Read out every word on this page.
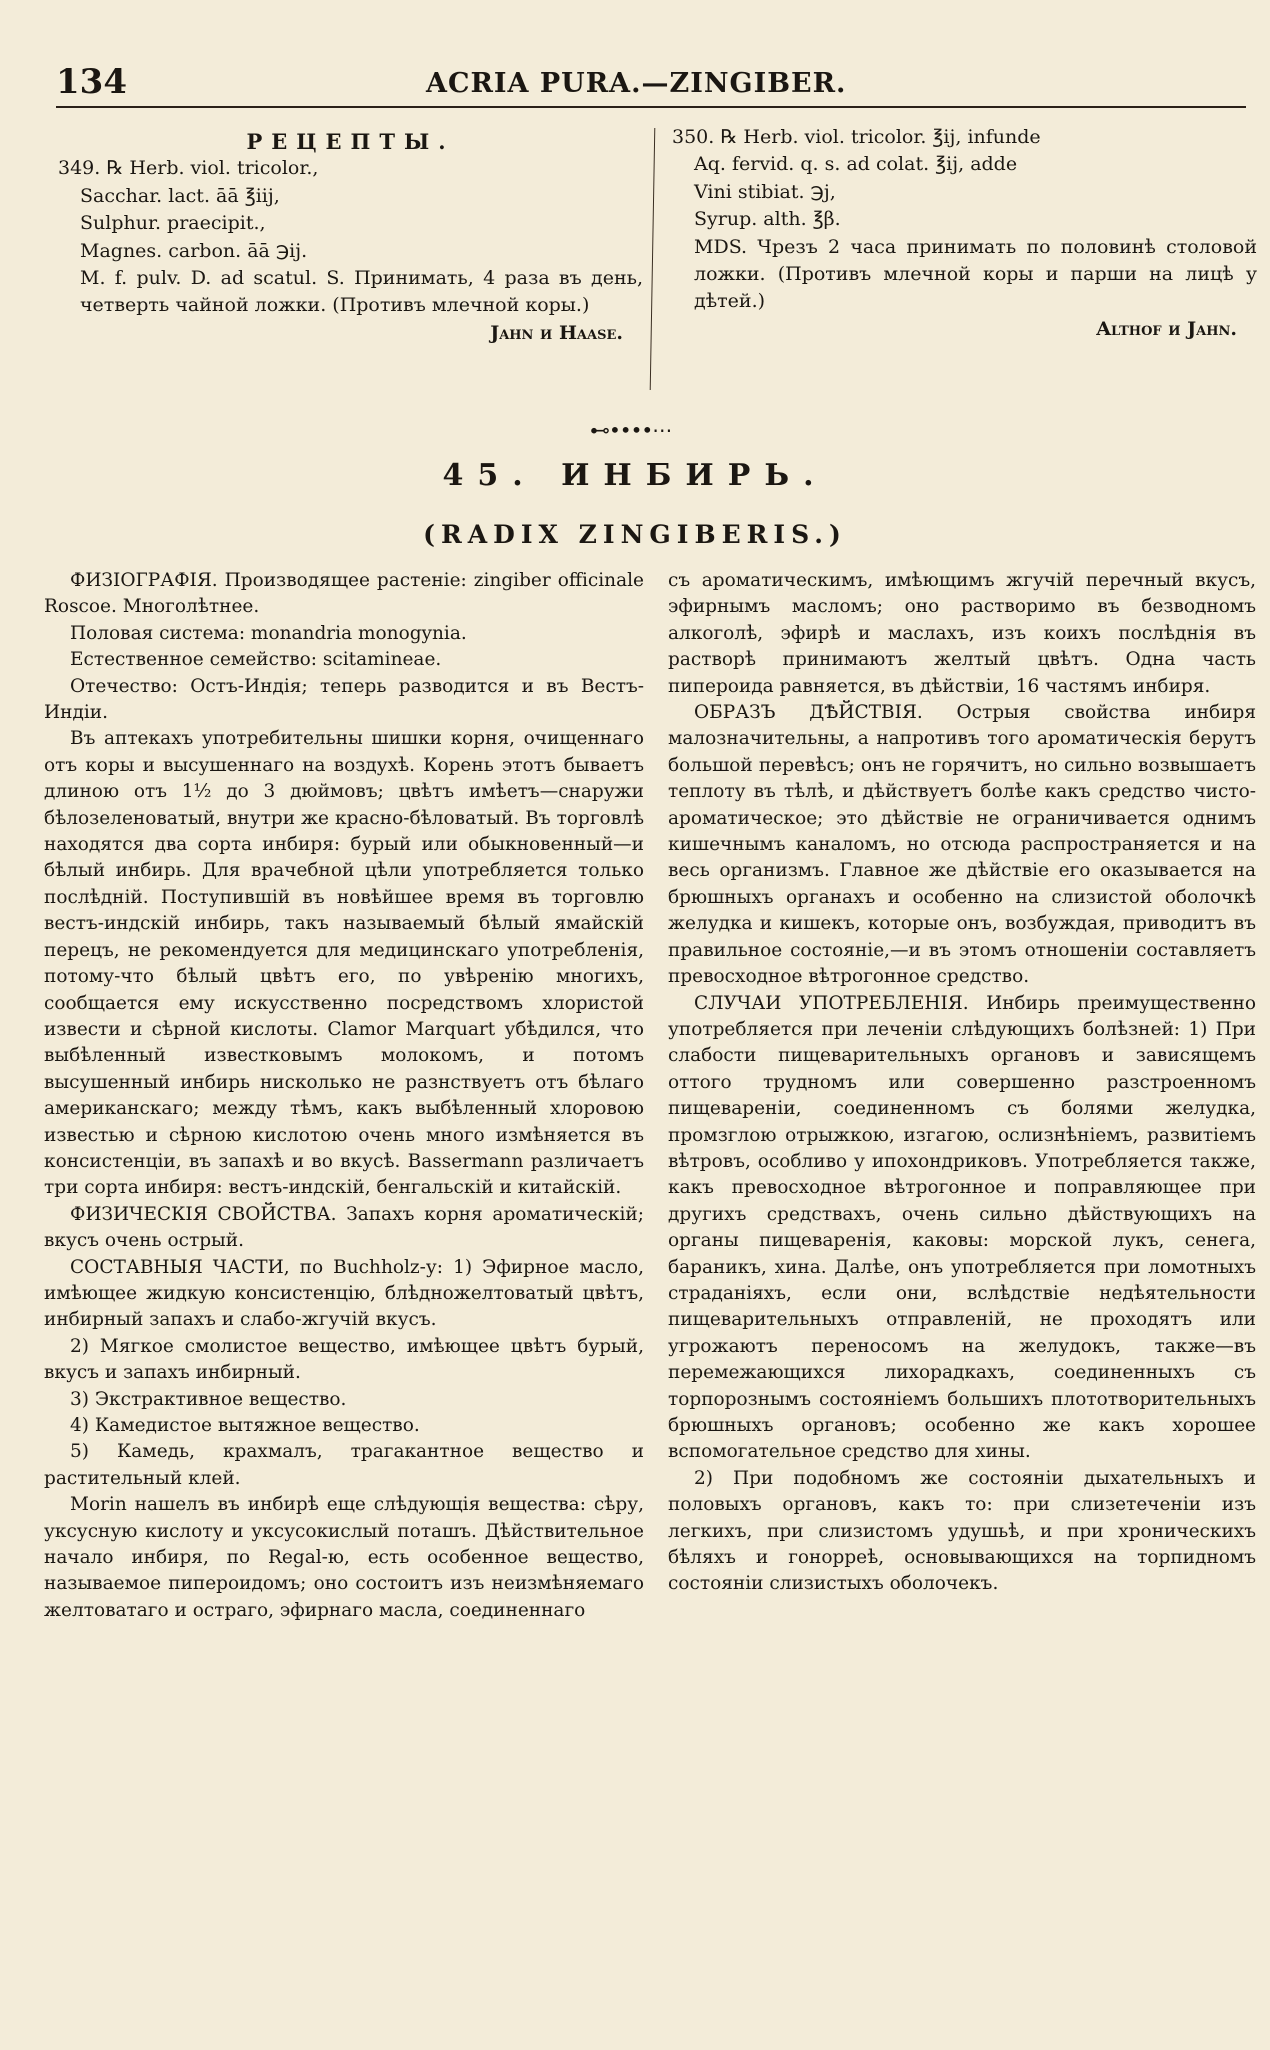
134	ACRIA PURA.—ZINGIBER.

РЕЦЕПТЫ.

349. ℞ Herb. viol. tricolor.,

Sacchar. lact. āā ℥iij,

Sulphur. praecipit.,

Magnes. carbon. āā ℈ij.

M. f. pulv. D. ad scatul. S. Принимать, 4 раза въ день, четверть чайной ложки. (Противъ млечной коры.)

Jahn и Haase.

350. ℞ Herb. viol. tricolor. ℥ij, infunde

Aq. fervid. q. s. ad colat. ℥ij, adde

Vini stibiat. ℈j,

Syrup. alth. ℥β.

MDS. Чрезъ 2 часа принимать по половинѣ столовой ложки. (Противъ млечной коры и парши на лицѣ у дѣтей.)

Althof и Jahn.

⊷••••⋯
45. ИНБИРЬ.
(RADIX ZINGIBERIS.)

ФИЗІОГРАФІЯ. Производящее растеніе: zingiber officinale Roscoe. Многолѣтнее.

Половая система: monandria monogynia.

Естественное семейство: scitamineae.

Отечество: Остъ-Индія; теперь разводится и въ Вестъ-Индіи.

Въ аптекахъ употребительны шишки корня, очищеннаго отъ коры и высушеннаго на воздухѣ. Корень этотъ бываетъ длиною отъ 1½ до 3 дюймовъ; цвѣтъ имѣетъ—снаружи бѣлозеленоватый, внутри же красно-бѣловатый. Въ торговлѣ находятся два сорта инбиря: бурый или обыкновенный—и бѣлый инбирь. Для врачебной цѣли употребляется только послѣдній. Поступившій въ новѣйшее время въ торговлю вестъ-индскій инбирь, такъ называемый бѣлый ямайскій перецъ, не рекомендуется для медицинскаго употребленія, потому-что бѣлый цвѣтъ его, по увѣренію многихъ, сообщается ему искусственно посредствомъ хлористой извести и сѣрной кислоты. Clamor Marquart убѣдился, что выбѣленный известковымъ молокомъ, и потомъ высушенный инбирь нисколько не разнствуетъ отъ бѣлаго американскаго; между тѣмъ, какъ выбѣленный хлоровою известью и сѣрною кислотою очень много измѣняется въ консистенціи, въ запахѣ и во вкусѣ. Bassermann различаетъ три сорта инбиря: вестъ-индскій, бенгальскій и китайскій.

ФИЗИЧЕСКІЯ СВОЙСТВА. Запахъ корня ароматическій; вкусъ очень острый.

СОСТАВНЫЯ ЧАСТИ, по Buchholz-у: 1) Эфирное масло, имѣющее жидкую консистенцію, блѣдножелтоватый цвѣтъ, инбирный запахъ и слабо-жгучій вкусъ.

2) Мягкое смолистое вещество, имѣющее цвѣтъ бурый, вкусъ и запахъ инбирный.

3) Экстрактивное вещество.

4) Камедистое вытяжное вещество.

5) Камедь, крахмалъ, трагакантное вещество и растительный клей.

Morin нашелъ въ инбирѣ еще слѣдующія вещества: сѣру, уксусную кислоту и уксусокислый поташъ. Дѣйствительное начало инбиря, по Regal-ю, есть особенное вещество, называемое пипероидомъ; оно состоитъ изъ неизмѣняемаго желтоватаго и остраго, эфирнаго масла, соединеннаго

съ ароматическимъ, имѣющимъ жгучій перечный вкусъ, эфирнымъ масломъ; оно растворимо въ безводномъ алкоголѣ, эфирѣ и маслахъ, изъ коихъ послѣднія въ растворѣ принимаютъ желтый цвѣтъ. Одна часть пипероида равняется, въ дѣйствіи, 16 частямъ инбиря.

ОБРАЗЪ ДѢЙСТВІЯ. Острыя свойства инбиря малозначительны, а напротивъ того ароматическія берутъ большой перевѣсъ; онъ не горячитъ, но сильно возвышаетъ теплоту въ тѣлѣ, и дѣйствуетъ болѣе какъ средство чисто-ароматическое; это дѣйствіе не ограничивается однимъ кишечнымъ каналомъ, но отсюда распространяется и на весь организмъ. Главное же дѣйствіе его оказывается на брюшныхъ органахъ и особенно на слизистой оболочкѣ желудка и кишекъ, которые онъ, возбуждая, приводитъ въ правильное состояніе,—и въ этомъ отношеніи составляетъ превосходное вѣтрогонное средство.

СЛУЧАИ УПОТРЕБЛЕНІЯ. Инбирь преимущественно употребляется при леченіи слѣдующихъ болѣзней: 1) При слабости пищеварительныхъ органовъ и зависящемъ оттого трудномъ или совершенно разстроенномъ пищевареніи, соединенномъ съ болями желудка, промзглою отрыжкою, изгагою, ослизнѣніемъ, развитіемъ вѣтровъ, особливо у ипохондриковъ. Употребляется также, какъ превосходное вѣтрогонное и поправляющее при другихъ средствахъ, очень сильно дѣйствующихъ на органы пищеваренія, каковы: морской лукъ, сенега, бараникъ, хина. Далѣе, онъ употребляется при ломотныхъ страданіяхъ, если они, вслѣдствіе недѣятельности пищеварительныхъ отправленій, не проходятъ или угрожаютъ переносомъ на желудокъ, также—въ перемежающихся лихорадкахъ, соединенныхъ съ торпорознымъ состояніемъ большихъ плототворительныхъ брюшныхъ органовъ; особенно же какъ хорошее вспомогательное средство для хины.

2) При подобномъ же состояніи дыхательныхъ и половыхъ органовъ, какъ то: при слизетеченіи изъ легкихъ, при слизистомъ удушьѣ, и при хроническихъ бѣляхъ и гонорреѣ, основывающихся на торпидномъ состояніи слизистыхъ оболочекъ.
